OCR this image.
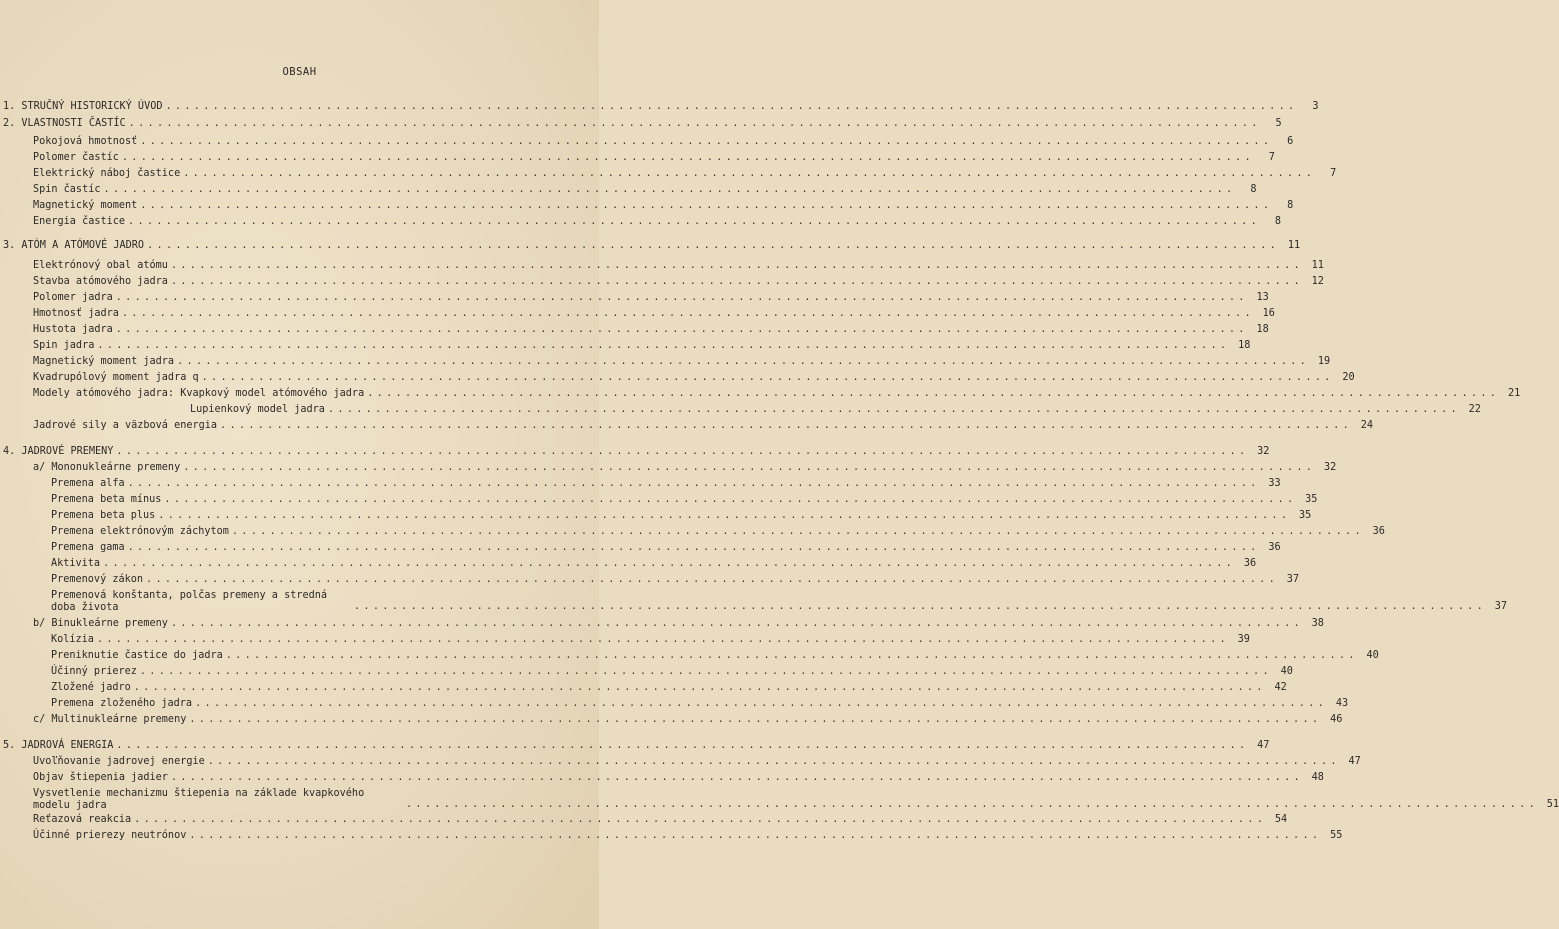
OBSAH
1. STRUČNÝ HISTORICKÝ ÚVOD ........................................................................................................................	3
2. VLASTNOSTI ČASTÍC ........................................................................................................................	5
Pokojová hmotnosť ........................................................................................................................	6
Polomer častíc ........................................................................................................................	7
Elektrický náboj častice ........................................................................................................................	7
Spin častíc ........................................................................................................................	8
Magnetický moment ........................................................................................................................	8
Energia častice ........................................................................................................................	8
3. ATÓM A ATÓMOVÉ JADRO ........................................................................................................................ 11
Elektrónový obal atómu ........................................................................................................................ 11
Stavba atómového jadra ........................................................................................................................ 12
Polomer jadra ........................................................................................................................ 13
Hmotnosť jadra ........................................................................................................................ 16
Hustota jadra ........................................................................................................................ 18
Spin jadra ........................................................................................................................ 18
Magnetický moment jadra ........................................................................................................................ 19
Kvadrupólový moment jadra q ........................................................................................................................ 20
Modely atómového jadra: Kvapkový model atómového jadra ........................................................................................................................ 21
Lupienkový model jadra ........................................................................................................................ 22
Jadrové sily a väzbová energia ........................................................................................................................ 24
4. JADROVÉ PREMENY ........................................................................................................................ 32
a/ Mononukleárne premeny ........................................................................................................................ 32
Premena alfa ........................................................................................................................ 33
Premena beta mínus ........................................................................................................................ 35
Premena beta plus ........................................................................................................................ 35
Premena elektrónovým záchytom ........................................................................................................................ 36
Premena gama ........................................................................................................................ 36
Aktivita ........................................................................................................................ 36
Premenový zákon ........................................................................................................................ 37
Premenová konštanta, polčas premeny a stredná doba života	........................................................................................................................ 37
b/ Binukleárne premeny ........................................................................................................................ 38
Kolízia ........................................................................................................................ 39
Preniknutie častice do jadra ........................................................................................................................ 40
Účinný prierez ........................................................................................................................ 40
Zložené jadro ........................................................................................................................ 42
Premena zloženého jadra ........................................................................................................................ 43
c/ Multinukleárne premeny ........................................................................................................................ 46
5. JADROVÁ ENERGIA ........................................................................................................................ 47
Uvoľňovanie jadrovej energie ........................................................................................................................ 47
Objav štiepenia jadier ........................................................................................................................ 48
Vysvetlenie mechanizmu štiepenia na základe kvapkového modelu jadra	........................................................................................................................ 51
Reťazová reakcia ........................................................................................................................ 54
Účinné prierezy neutrónov ........................................................................................................................ 55
